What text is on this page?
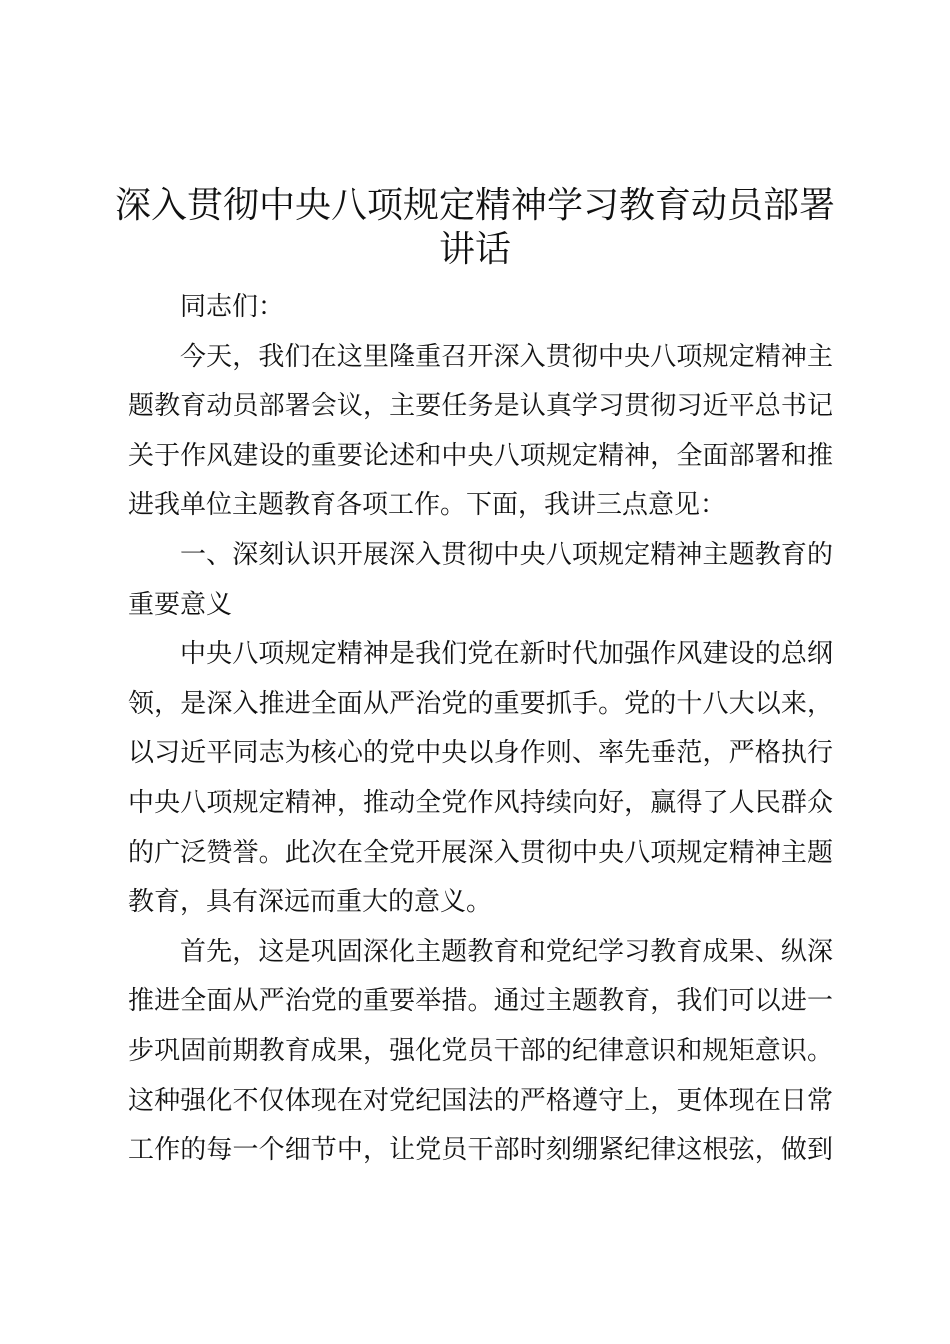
深入贯彻中央八项规定精神学习教育动员部署
讲话

同志们：

今天，我们在这里隆重召开深入贯彻中央八项规定精神主
题教育动员部署会议，主要任务是认真学习贯彻习近平总书记
关于作风建设的重要论述和中央八项规定精神，全面部署和推
进我单位主题教育各项工作。下面，我讲三点意见：

一、深刻认识开展深入贯彻中央八项规定精神主题教育的
重要意义

中央八项规定精神是我们党在新时代加强作风建设的总纲
领，是深入推进全面从严治党的重要抓手。党的十八大以来，
以习近平同志为核心的党中央以身作则、率先垂范，严格执行
中央八项规定精神，推动全党作风持续向好，赢得了人民群众
的广泛赞誉。此次在全党开展深入贯彻中央八项规定精神主题
教育，具有深远而重大的意义。

首先，这是巩固深化主题教育和党纪学习教育成果、纵深
推进全面从严治党的重要举措。通过主题教育，我们可以进一
步巩固前期教育成果，强化党员干部的纪律意识和规矩意识。
这种强化不仅体现在对党纪国法的严格遵守上，更体现在日常
工作的每一个细节中，让党员干部时刻绷紧纪律这根弦，做到
